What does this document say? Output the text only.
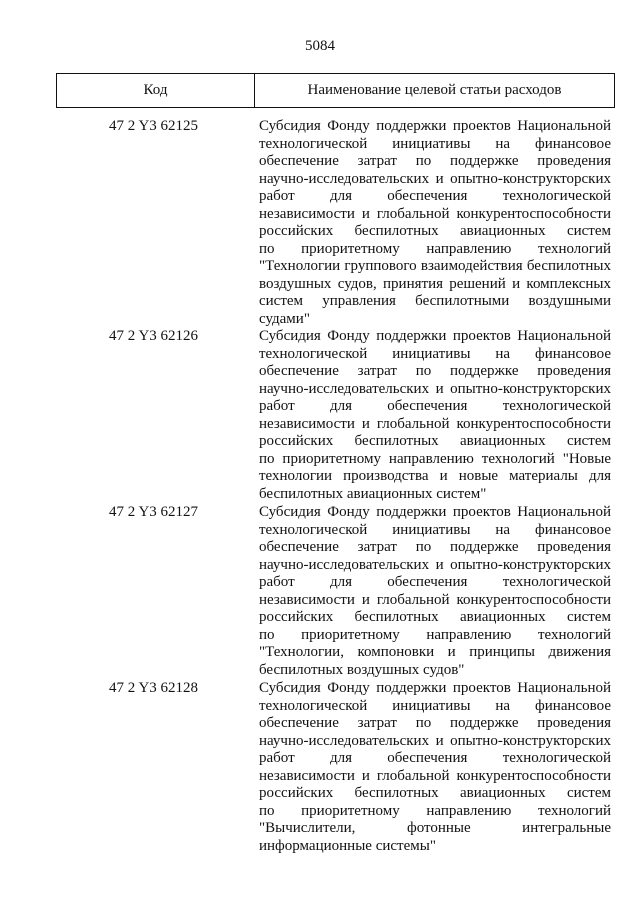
5084
Код	Наименование целевой статьи расходов
47 2 Y3 62125	Субсидия Фонду поддержки проектов Национальной
технологической инициативы на финансовое
обеспечение затрат по поддержке проведения
научно-исследовательских и опытно-конструкторских
работ для обеспечения технологической
независимости и глобальной конкурентоспособности
российских беспилотных авиационных систем
по приоритетному направлению технологий
"Технологии группового взаимодействия беспилотных
воздушных судов, принятия решений и комплексных
систем управления беспилотными воздушными
судами"
47 2 Y3 62126	Субсидия Фонду поддержки проектов Национальной
технологической инициативы на финансовое
обеспечение затрат по поддержке проведения
научно-исследовательских и опытно-конструкторских
работ для обеспечения технологической
независимости и глобальной конкурентоспособности
российских беспилотных авиационных систем
по приоритетному направлению технологий "Новые
технологии производства и новые материалы для
беспилотных авиационных систем"
47 2 Y3 62127	Субсидия Фонду поддержки проектов Национальной
технологической инициативы на финансовое
обеспечение затрат по поддержке проведения
научно-исследовательских и опытно-конструкторских
работ для обеспечения технологической
независимости и глобальной конкурентоспособности
российских беспилотных авиационных систем
по приоритетному направлению технологий
"Технологии, компоновки и принципы движения
беспилотных воздушных судов"
47 2 Y3 62128	Субсидия Фонду поддержки проектов Национальной
технологической инициативы на финансовое
обеспечение затрат по поддержке проведения
научно-исследовательских и опытно-конструкторских
работ для обеспечения технологической
независимости и глобальной конкурентоспособности
российских беспилотных авиационных систем
по приоритетному направлению технологий
"Вычислители, фотонные интегральные
информационные системы"
